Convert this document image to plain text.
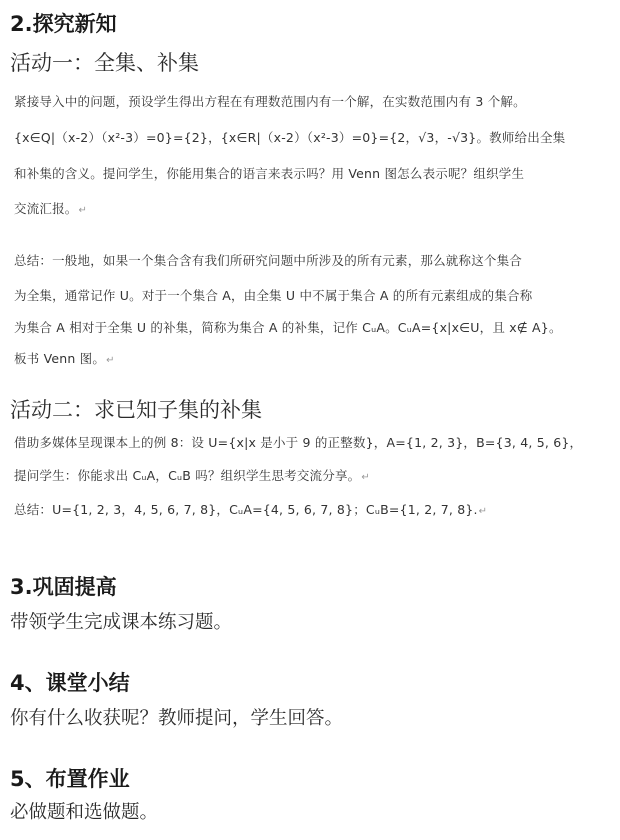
2.探究新知
活动一：全集、补集
紧接导入中的问题，预设学生得出方程在有理数范围内有一个解，在实数范围内有 3 个解。
{x∈Q|（x-2）（x²-3）=0}={2}，{x∈R|（x-2）（x²-3）=0}={2，√3，-√3}。教师给出全集
和补集的含义。提问学生，你能用集合的语言来表示吗？用 Venn 图怎么表示呢？组织学生
交流汇报。↵
总结：一般地，如果一个集合含有我们所研究问题中所涉及的所有元素，那么就称这个集合
为全集，通常记作 U。对于一个集合 A，由全集 U 中不属于集合 A 的所有元素组成的集合称
为集合 A 相对于全集 U 的补集，简称为集合 A 的补集，记作 CᵤA。CᵤA={x|x∈U，且 x∉ A}。
板书 Venn 图。↵
活动二：求已知子集的补集
借助多媒体呈现课本上的例 8：设 U={x|x 是小于 9 的正整数}，A={1, 2, 3}，B={3, 4, 5, 6}，
提问学生：你能求出 CᵤA，CᵤB 吗？组织学生思考交流分享。↵
总结：U={1, 2, 3，4, 5, 6, 7, 8}，CᵤA={4, 5, 6, 7, 8}；CᵤB={1, 2, 7, 8}.↵
3.巩固提高
带领学生完成课本练习题。
4、课堂小结
你有什么收获呢？教师提问，学生回答。
5、布置作业
必做题和选做题。
